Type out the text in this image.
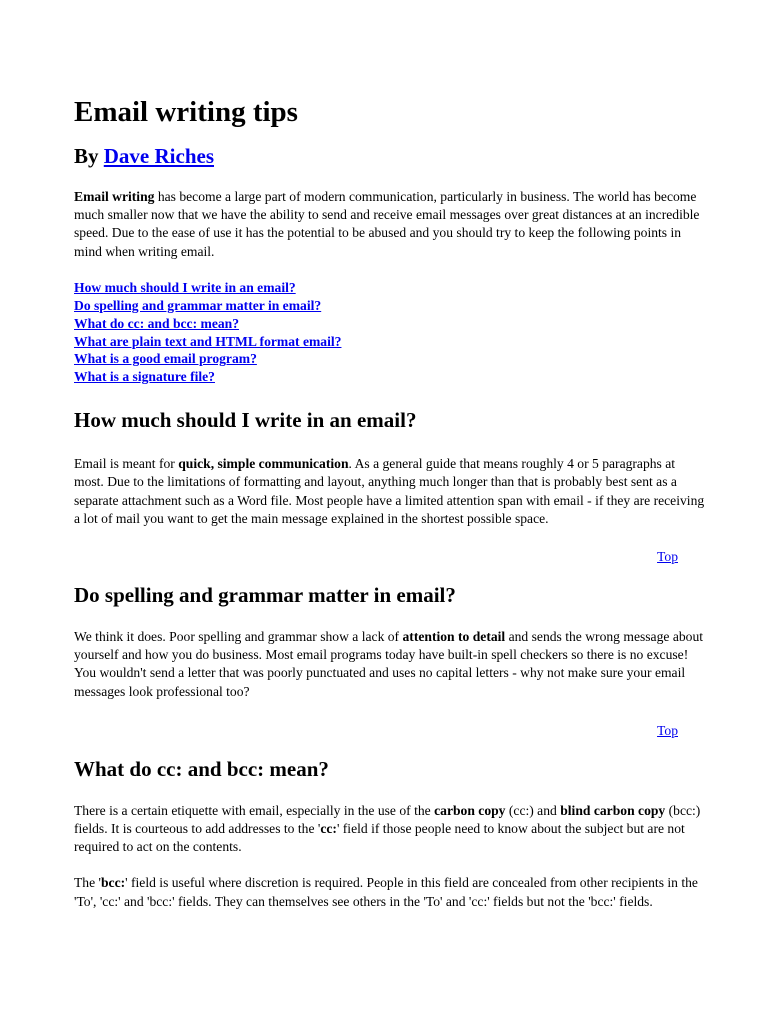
Email writing tips
By Dave Riches

Email writing has become a large part of modern communication, particularly in business. The world has become much smaller now that we have the ability to send and receive email messages over great distances at an incredible speed. Due to the ease of use it has the potential to be abused and you should try to keep the following points in mind when writing email.

How much should I write in an email?
Do spelling and grammar matter in email?
What do cc: and bcc: mean?
What are plain text and HTML format email?
What is a good email program?
What is a signature file?
How much should I write in an email?

Email is meant for quick, simple communication. As a general guide that means roughly 4 or 5 paragraphs at most. Due to the limitations of formatting and layout, anything much longer than that is probably best sent as a separate attachment such as a Word file. Most people have a limited attention span with email - if they are receiving a lot of mail you want to get the main message explained in the shortest possible space.

Top
Do spelling and grammar matter in email?

We think it does. Poor spelling and grammar show a lack of attention to detail and sends the wrong message about yourself and how you do business. Most email programs today have built-in spell checkers so there is no excuse! You wouldn't send a letter that was poorly punctuated and uses no capital letters - why not make sure your email messages look professional too?

Top
What do cc: and bcc: mean?

There is a certain etiquette with email, especially in the use of the carbon copy (cc:) and blind carbon copy (bcc:) fields. It is courteous to add addresses to the 'cc:' field if those people need to know about the subject but are not required to act on the contents.

The 'bcc:' field is useful where discretion is required. People in this field are concealed from other recipients in the 'To', 'cc:' and 'bcc:' fields. They can themselves see others in the 'To' and 'cc:' fields but not the 'bcc:' fields.
